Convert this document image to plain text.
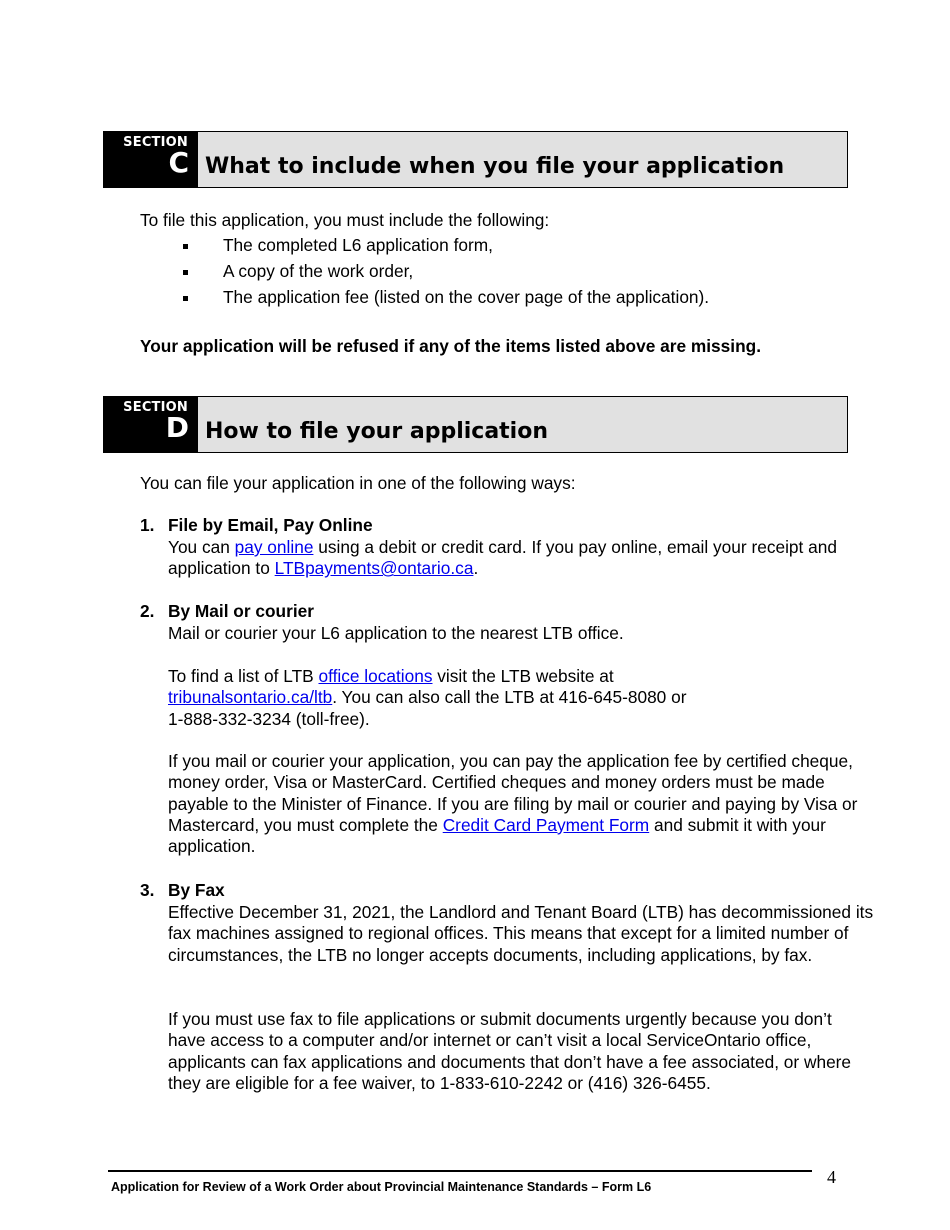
SECTION
C What to include when you file your application
To file this application, you must include the following:
The completed L6 application form,
A copy of the work order,
The application fee (listed on the cover page of the application).
Your application will be refused if any of the items listed above are missing.
SECTION
D How to file your application
You can file your application in one of the following ways:
1. File by Email, Pay Online
You can pay online using a debit or credit card. If you pay online, email your receipt and application to LTBpayments@ontario.ca.
2. By Mail or courier
Mail or courier your L6 application to the nearest LTB office.
To find a list of LTB office locations visit the LTB website at
tribunalsontario.ca/ltb. You can also call the LTB at 416-645-8080 or
1-888-332-3234 (toll-free).
If you mail or courier your application, you can pay the application fee by certified cheque, money order, Visa or MasterCard. Certified cheques and money orders must be made payable to the Minister of Finance. If you are filing by mail or courier and paying by Visa or Mastercard, you must complete the Credit Card Payment Form and submit it with your application.
3. By Fax
Effective December 31, 2021, the Landlord and Tenant Board (LTB) has decommissioned its fax machines assigned to regional offices. This means that except for a limited number of circumstances, the LTB no longer accepts documents, including applications, by fax.
If you must use fax to file applications or submit documents urgently because you don’t have access to a computer and/or internet or can’t visit a local ServiceOntario office, applicants can fax applications and documents that don’t have a fee associated, or where they are eligible for a fee waiver, to 1-833-610-2242 or (416) 326-6455.
Application for Review of a Work Order about Provincial Maintenance Standards – Form L6	4
